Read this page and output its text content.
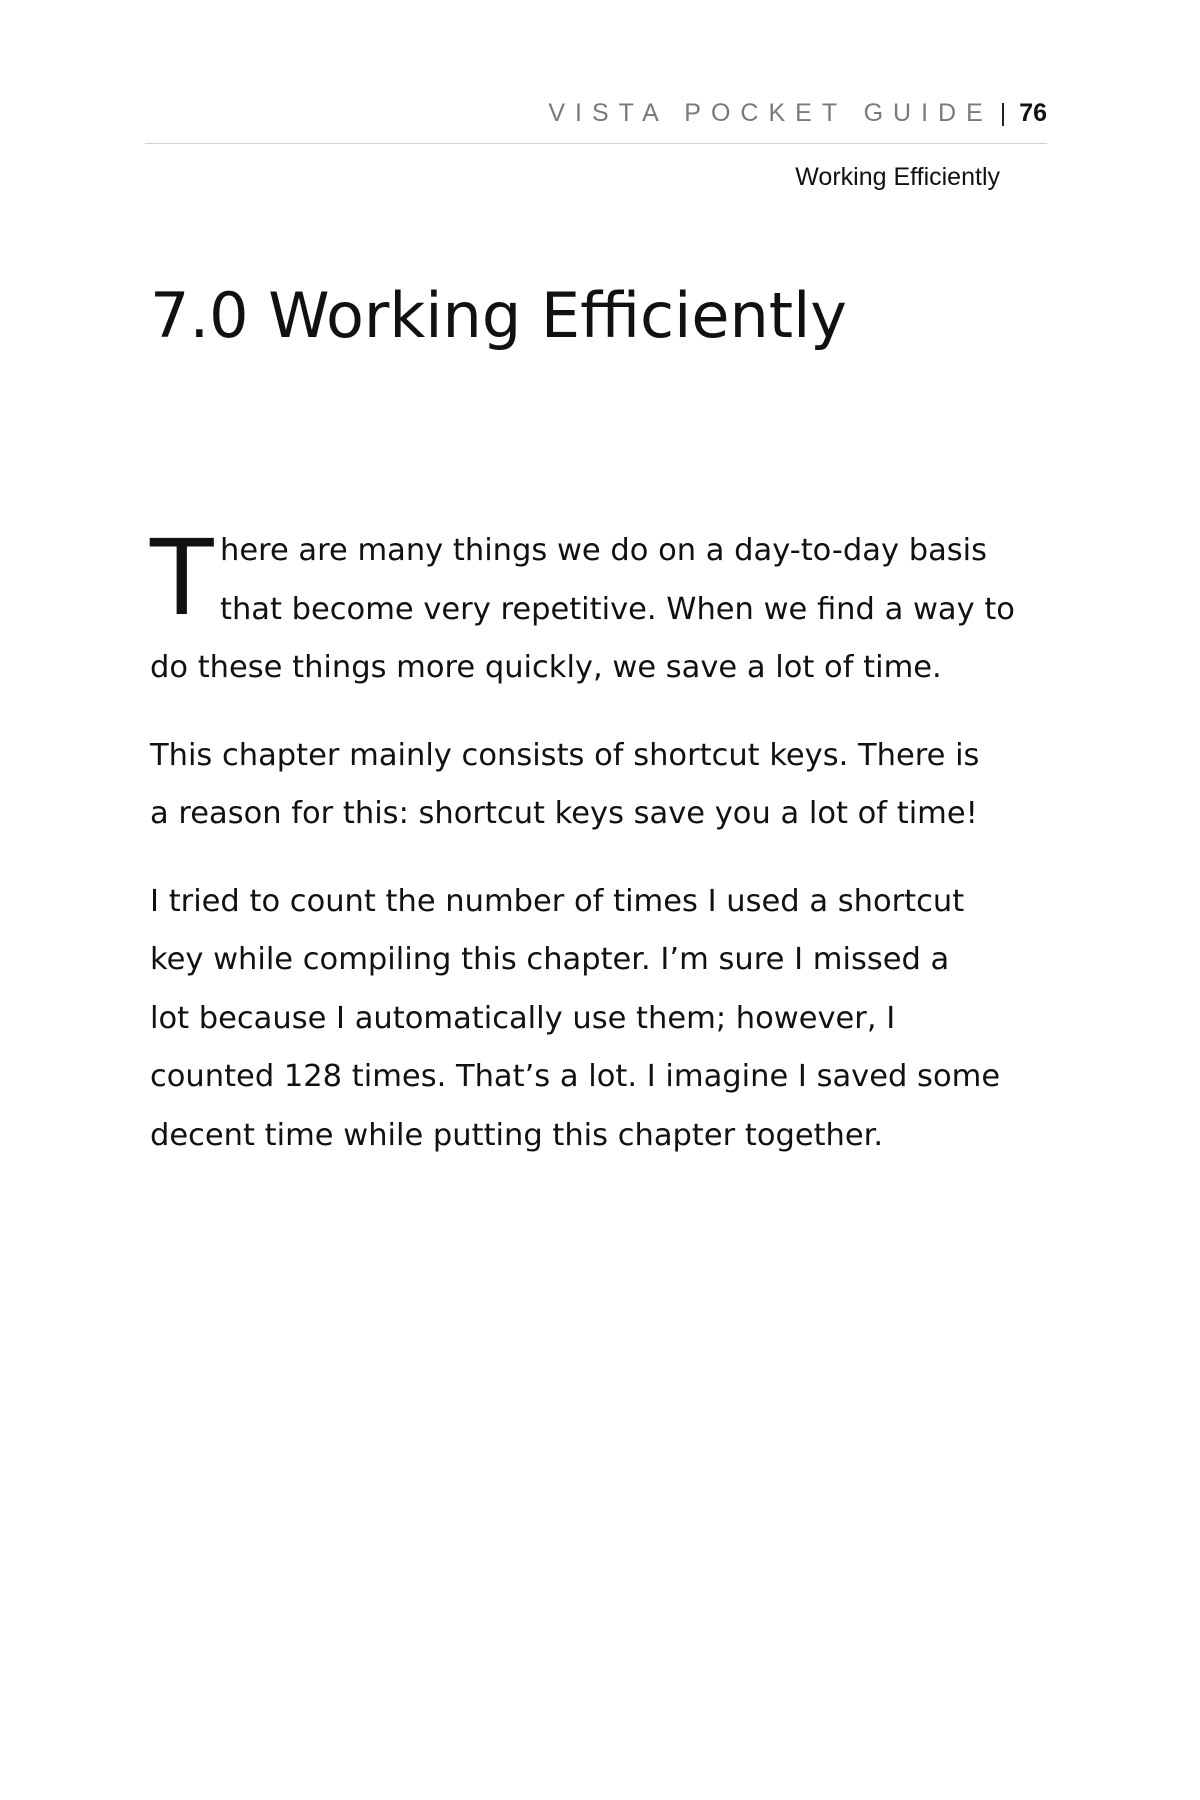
VISTA POCKET GUIDE | 76
Working Efficiently
7.0 Working Efficiently

T here are many things we do on a day-to-day basis
that become very repetitive. When we find a way to
do these things more quickly, we save a lot of time.

This chapter mainly consists of shortcut keys. There is
a reason for this: shortcut keys save you a lot of time!

I tried to count the number of times I used a shortcut
key while compiling this chapter. I’m sure I missed a
lot because I automatically use them; however, I
counted 128 times. That’s a lot. I imagine I saved some
decent time while putting this chapter together.
